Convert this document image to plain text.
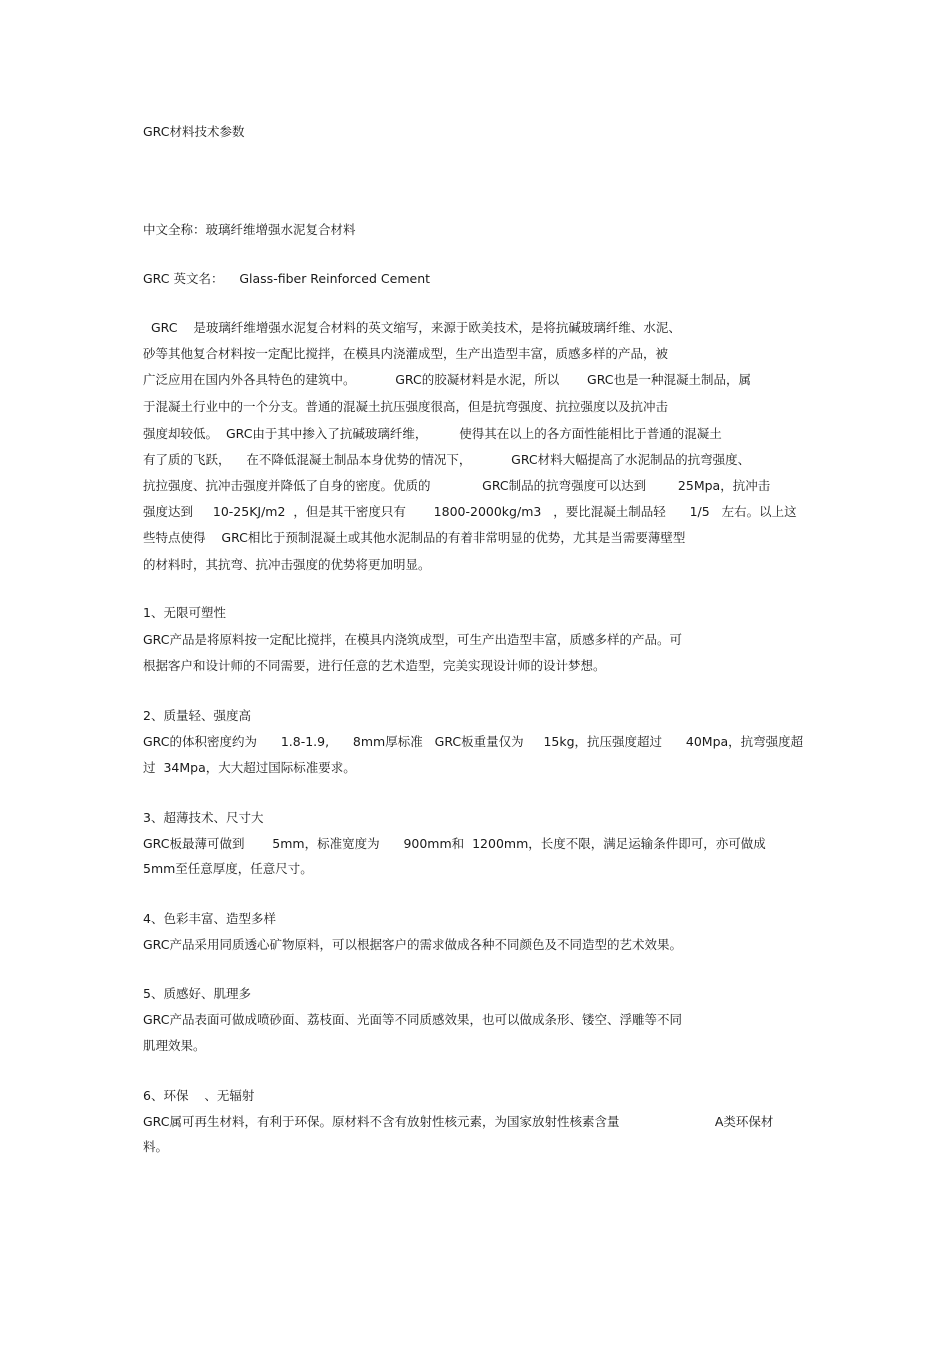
GRC材料技术参数
中文全称：玻璃纤维增强水泥复合材料
GRC 英文名：    Glass-fiber Reinforced Cement
GRC    是玻璃纤维增强水泥复合材料的英文缩写，来源于欧美技术，是将抗碱玻璃纤维、水泥、
砂等其他复合材料按一定配比搅拌，在模具内浇灌成型，生产出造型丰富，质感多样的产品，被
广泛应用在国内外各具特色的建筑中。          GRC的胶凝材料是水泥，所以       GRC也是一种混凝土制品，属
于混凝土行业中的一个分支。普通的混凝土抗压强度很高，但是抗弯强度、抗拉强度以及抗冲击
强度却较低。  GRC由于其中掺入了抗碱玻璃纤维，        使得其在以上的各方面性能相比于普通的混凝土
有了质的飞跃，    在不降低混凝土制品本身优势的情况下，          GRC材料大幅提高了水泥制品的抗弯强度、
抗拉强度、抗冲击强度并降低了自身的密度。优质的             GRC制品的抗弯强度可以达到        25Mpa，抗冲击
强度达到     10-25KJ/m2  ，但是其干密度只有       1800-2000kg/m3   ，要比混凝土制品轻      1/5   左右。以上这
些特点使得    GRC相比于预制混凝土或其他水泥制品的有着非常明显的优势，尤其是当需要薄壁型
的材料时，其抗弯、抗冲击强度的优势将更加明显。
1、无限可塑性
GRC产品是将原料按一定配比搅拌，在模具内浇筑成型，可生产出造型丰富，质感多样的产品。可
根据客户和设计师的不同需要，进行任意的艺术造型，完美实现设计师的设计梦想。
2、质量轻、强度高
GRC的体积密度约为      1.8-1.9,      8mm厚标准   GRC板重量仅为     15kg，抗压强度超过      40Mpa，抗弯强度超
过  34Mpa，大大超过国际标准要求。
3、超薄技术、尺寸大
GRC板最薄可做到       5mm，标准宽度为      900mm和  1200mm，长度不限，满足运输条件即可，亦可做成
5mm至任意厚度，任意尺寸。
4、色彩丰富、造型多样
GRC产品采用同质透心矿物原料，可以根据客户的需求做成各种不同颜色及不同造型的艺术效果。
5、质感好、肌理多
GRC产品表面可做成喷砂面、荔枝面、光面等不同质感效果，也可以做成条形、镂空、浮雕等不同
肌理效果。
6、环保    、无辐射
GRC属可再生材料，有利于环保。原材料不含有放射性核元素，为国家放射性核素含量                        A类环保材
料。
